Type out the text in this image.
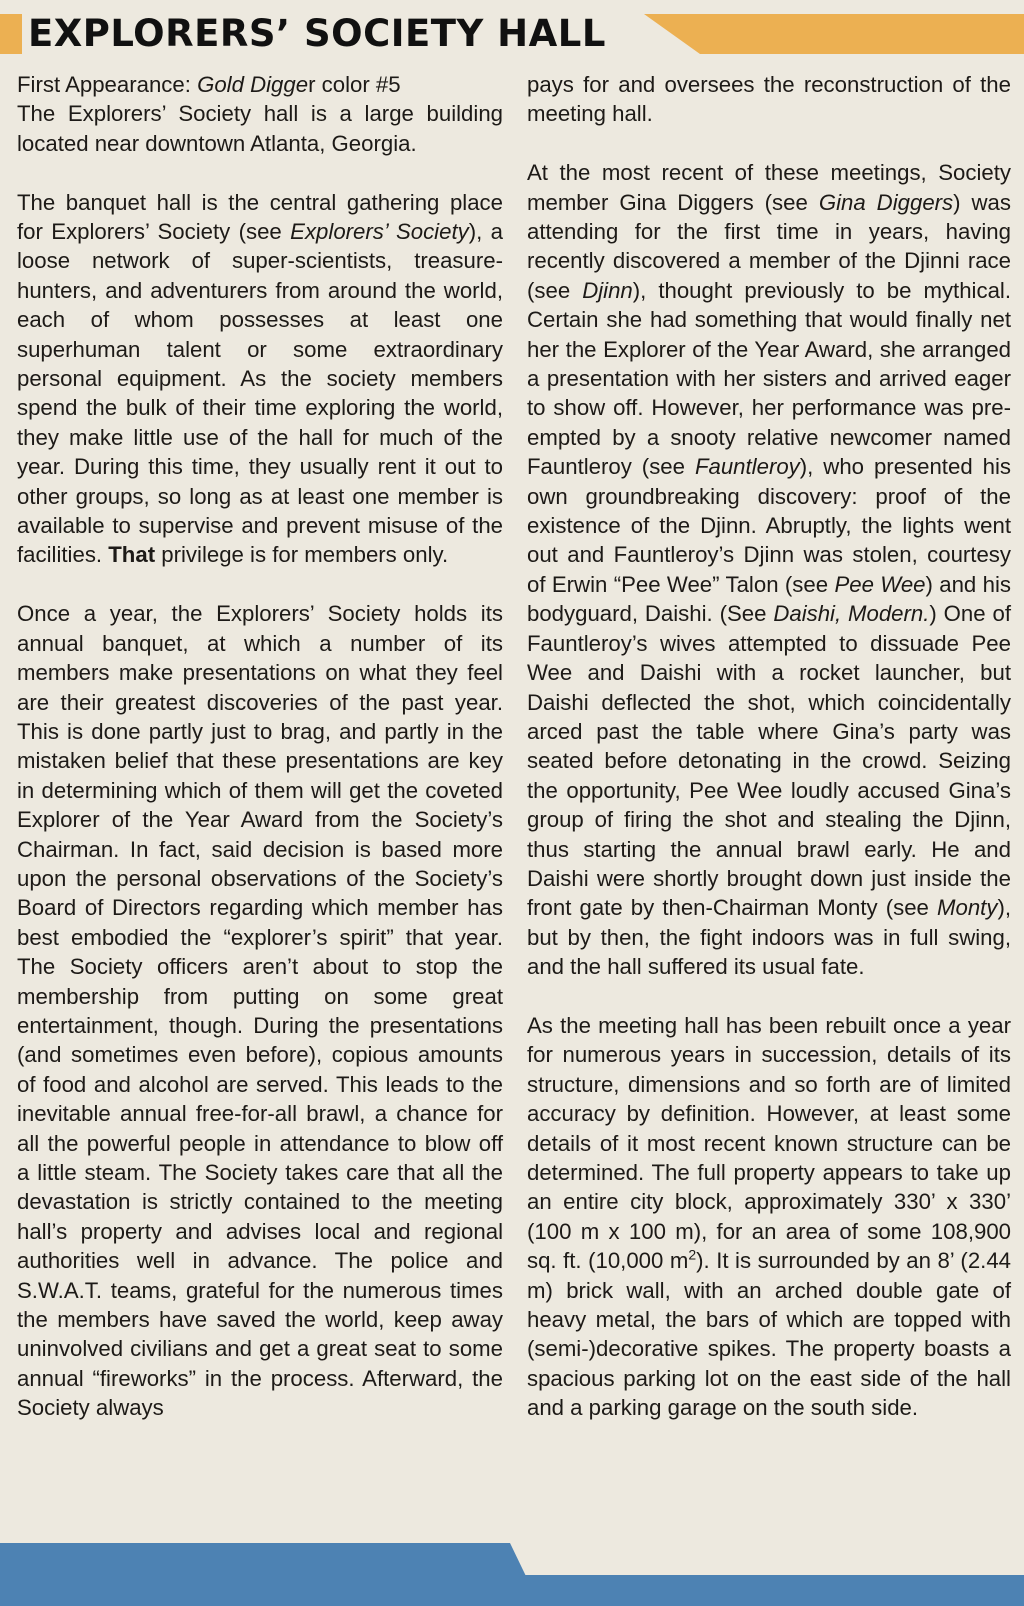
EXPLORERS’ SOCIETY HALL

First Appearance: Gold Digger color #5

The Explorers’ Society hall is a large building located near downtown Atlanta, Georgia.

The banquet hall is the central gathering place for Explorers’ Society (see Explorers’ Society), a loose network of super-scientists, treasure-hunters, and adventurers from around the world, each of whom possesses at least one superhuman talent or some extraordinary personal equipment. As the society members spend the bulk of their time exploring the world, they make little use of the hall for much of the year. During this time, they usually rent it out to other groups, so long as at least one member is available to supervise and prevent misuse of the facilities. That privilege is for members only.

Once a year, the Explorers’ Society holds its annual banquet, at which a number of its members make presentations on what they feel are their greatest discoveries of the past year. This is done partly just to brag, and partly in the mistaken belief that these presentations are key in determining which of them will get the coveted Explorer of the Year Award from the Society’s Chairman. In fact, said decision is based more upon the personal observations of the Society’s Board of Directors regarding which member has best embodied the “explorer’s spirit” that year. The Society officers aren’t about to stop the membership from putting on some great entertainment, though. During the presentations (and sometimes even before), copious amounts of food and alcohol are served. This leads to the inevitable annual free-for-all brawl, a chance for all the powerful people in attendance to blow off a little steam. The Society takes care that all the devastation is strictly contained to the meeting hall’s property and advises local and regional authorities well in advance. The police and S.W.A.T. teams, grateful for the numerous times the members have saved the world, keep away uninvolved civilians and get a great seat to some annual “fireworks” in the process. Afterward, the Society always

pays for and oversees the reconstruction of the meeting hall.

At the most recent of these meetings, Society member Gina Diggers (see Gina Diggers) was attending for the first time in years, having recently discovered a member of the Djinni race (see Djinn), thought previously to be mythical. Certain she had something that would finally net her the Explorer of the Year Award, she arranged a presentation with her sisters and arrived eager to show off. However, her performance was pre-empted by a snooty relative newcomer named Fauntleroy (see Fauntleroy), who presented his own groundbreaking discovery: proof of the existence of the Djinn. Abruptly, the lights went out and Fauntleroy’s Djinn was stolen, courtesy of Erwin “Pee Wee” Talon (see Pee Wee) and his bodyguard, Daishi. (See Daishi, Modern.) One of Fauntleroy’s wives attempted to dissuade Pee Wee and Daishi with a rocket launcher, but Daishi deflected the shot, which coincidentally arced past the table where Gina’s party was seated before detonating in the crowd. Seizing the opportunity, Pee Wee loudly accused Gina’s group of firing the shot and stealing the Djinn, thus starting the annual brawl early. He and Daishi were shortly brought down just inside the front gate by then-Chairman Monty (see Monty), but by then, the fight indoors was in full swing, and the hall suffered its usual fate.

As the meeting hall has been rebuilt once a year for numerous years in succession, details of its structure, dimensions and so forth are of limited accuracy by definition. However, at least some details of it most recent known structure can be determined. The full property appears to take up an entire city block, approximately 330’ x 330’ (100 m x 100 m), for an area of some 108,900 sq. ft. (10,000 $m^2$). It is surrounded by an 8’ (2.44 m) brick wall, with an arched double gate of heavy metal, the bars of which are topped with (semi-)decorative spikes. The property boasts a spacious parking lot on the east side of the hall and a parking garage on the south side.
